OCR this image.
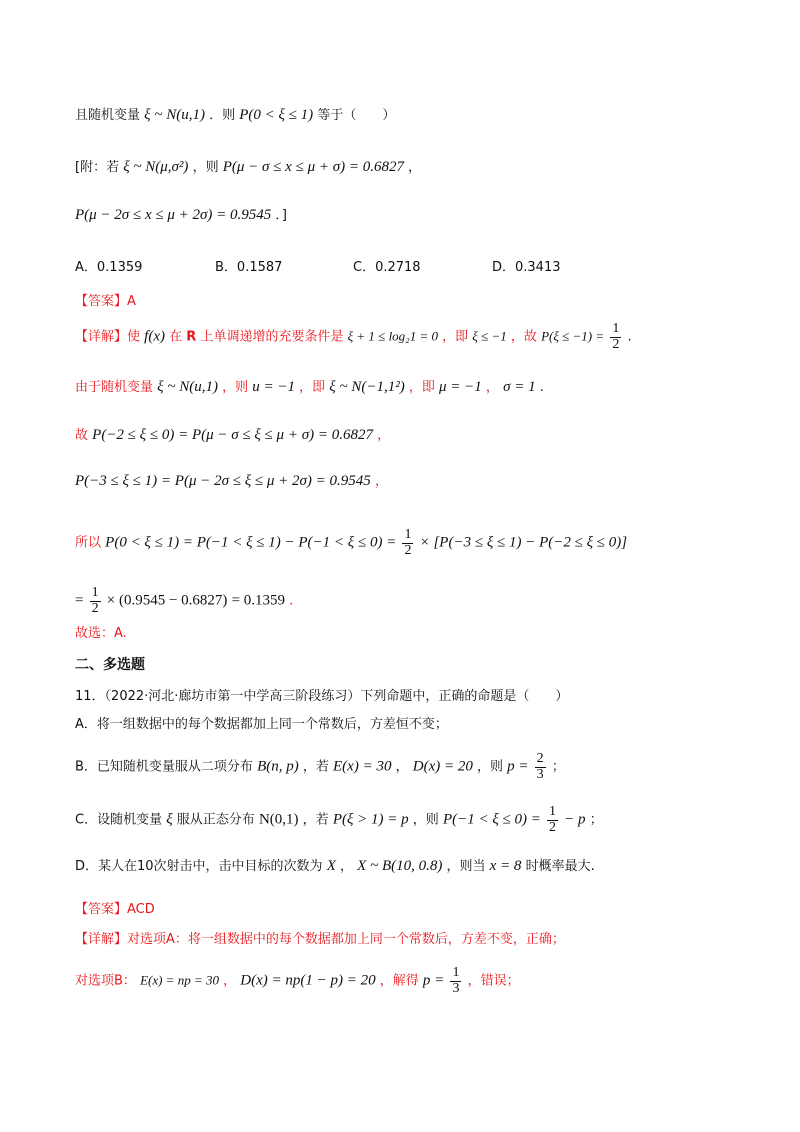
且随机变量 ξ ~ N(u,1) ．则 P(0 < ξ ≤ 1) 等于（　　）
[附：若 ξ ~ N(μ,σ²) ，则 P(μ − σ ≤ x ≤ μ + σ) = 0.6827 ，
P(μ − 2σ ≤ x ≤ μ + 2σ) = 0.9545 ．]
A．0.1359	B．0.1587	C．0.2718	D．0.3413
【答案】A
【详解】使 f(x) 在 R 上单调递增的充要条件是 ξ + 1 ≤ log₂1 = 0 ，即 ξ ≤ −1 ，故 $P(\xi \le -1) = \frac{1}{2}$ .
由于随机变量 ξ ~ N(u,1) ，则 u = −1 ，即 ξ ~ N(−1,1²) ，即 μ = −1 ， σ = 1 .
故 P(−2 ≤ ξ ≤ 0) = P(μ − σ ≤ ξ ≤ μ + σ) = 0.6827 ，
P(−3 ≤ ξ ≤ 1) = P(μ − 2σ ≤ ξ ≤ μ + 2σ) = 0.9545 ，
所以 $P(0 < \xi \le 1) = P(-1 < \xi \le 1) - P(-1 < \xi \le 0) = \frac{1}{2} \times [P(-3 \le \xi \le 1) - P(-2 \le \xi \le 0)]$
= $\frac{1}{2} \times (0.9545 - 0.6827) = 0.1359$ .
故选：A.
二、多选题
11．（2022·河北·廊坊市第一中学高三阶段练习）下列命题中，正确的命题是（　　）
A．将一组数据中的每个数据都加上同一个常数后，方差恒不变；
B．已知随机变量服从二项分布 B(n, p) ，若 E(x) = 30 ， D(x) = 20 ，则 $p = \frac{2}{3}$ ；
C．设随机变量 ξ 服从正态分布 N(0,1) ，若 P(ξ > 1) = p ，则 $P(-1 < \xi \le 0) = \frac{1}{2} - p$ ；
D．某人在10次射击中，击中目标的次数为 X ， X ~ B(10, 0.8) ，则当 x = 8 时概率最大.
【答案】ACD
【详解】对选项A：将一组数据中的每个数据都加上同一个常数后，方差不变，正确；
对选项B： E(x) = np = 30 ， D(x) = np(1 − p) = 20 ，解得 $p = \frac{1}{3}$ ，错误；
